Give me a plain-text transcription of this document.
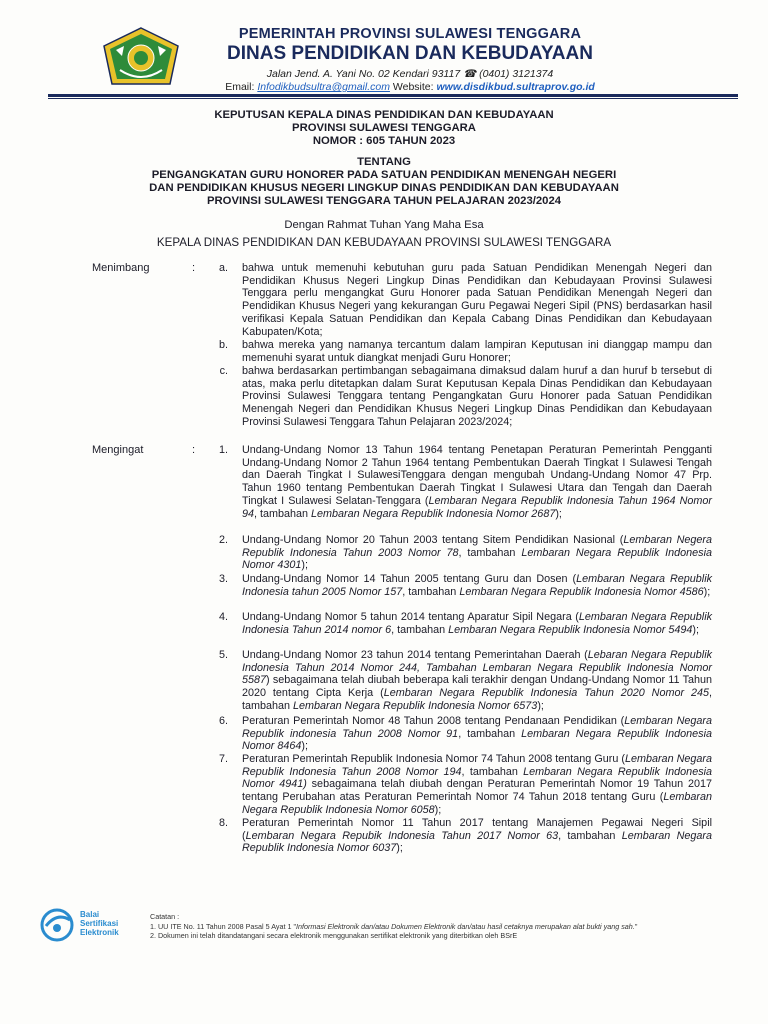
PEMERINTAH PROVINSI SULAWESI TENGGARA
DINAS PENDIDIKAN DAN KEBUDAYAAN
Jalan Jend. A. Yani No. 02 Kendari 93117 ☎ (0401) 3121374
Email: Infodikbudsultra@gmail.com Website: www.disdikbud.sultraprov.go.id
KEPUTUSAN KEPALA DINAS PENDIDIKAN DAN KEBUDAYAAN
PROVINSI SULAWESI TENGGARA
NOMOR : 605 TAHUN 2023
TENTANG
PENGANGKATAN GURU HONORER PADA SATUAN PENDIDIKAN MENENGAH NEGERI
DAN PENDIDIKAN KHUSUS NEGERI LINGKUP DINAS PENDIDIKAN DAN KEBUDAYAAN
PROVINSI SULAWESI TENGGARA TAHUN PELAJARAN 2023/2024
Dengan Rahmat Tuhan Yang Maha Esa
KEPALA DINAS PENDIDIKAN DAN KEBUDAYAAN PROVINSI SULAWESI TENGGARA
Menimbang	:	a.	bahwa untuk memenuhi kebutuhan guru pada Satuan Pendidikan Menengah Negeri dan Pendidikan Khusus Negeri Lingkup Dinas Pendidikan dan Kebudayaan Provinsi Sulawesi Tenggara perlu mengangkat Guru Honorer pada Satuan Pendidikan Menengah Negeri dan Pendidikan Khusus Negeri yang kekurangan Guru Pegawai Negeri Sipil (PNS) berdasarkan hasil verifikasi Kepala Satuan Pendidikan dan Kepala Cabang Dinas Pendidikan dan Kebudayaan Kabupaten/Kota;
b.	bahwa mereka yang namanya tercantum dalam lampiran Keputusan ini dianggap mampu dan memenuhi syarat untuk diangkat menjadi Guru Honorer;
c.	bahwa berdasarkan pertimbangan sebagaimana dimaksud dalam huruf a dan huruf b tersebut di atas, maka perlu ditetapkan dalam Surat Keputusan Kepala Dinas Pendidikan dan Kebudayaan Provinsi Sulawesi Tenggara tentang Pengangkatan Guru Honorer pada Satuan Pendidikan Menengah Negeri dan Pendidikan Khusus Negeri Lingkup Dinas Pendidikan dan Kebudayaan Provinsi Sulawesi Tenggara Tahun Pelajaran 2023/2024;
Mengingat	:	1.	Undang-Undang Nomor 13 Tahun 1964 tentang Penetapan Peraturan Pemerintah Pengganti Undang-Undang Nomor 2 Tahun 1964 tentang Pembentukan Daerah Tingkat I Sulawesi Tengah dan Daerah Tingkat I SulawesiTenggara dengan mengubah Undang-Undang Nomor 47 Prp. Tahun 1960 tentang Pembentukan Daerah Tingkat I Sulawesi Utara dan Tengah dan Daerah Tingkat I Sulawesi Selatan-Tenggara (Lembaran Negara Republik Indonesia Tahun 1964 Nomor 94, tambahan Lembaran Negara Republik Indonesia Nomor 2687);
2.	Undang-Undang Nomor 20 Tahun 2003 tentang Sitem Pendidikan Nasional (Lembaran Negera Republik Indonesia Tahun 2003 Nomor 78, tambahan Lembaran Negara Republik Indonesia Nomor 4301);
3.	Undang-Undang Nomor 14 Tahun 2005 tentang Guru dan Dosen (Lembaran Negara Republik Indonesia tahun 2005 Nomor 157, tambahan Lembaran Negara Republik Indonesia Nomor 4586);
4.	Undang-Undang Nomor 5 tahun 2014 tentang Aparatur Sipil Negara (Lembaran Negara Republik Indonesia Tahun 2014 nomor 6, tambahan Lembaran Negara Republik Indonesia Nomor 5494);
5.	Undang-Undang Nomor 23 tahun 2014 tentang Pemerintahan Daerah (Lebaran Negara Republik Indonesia Tahun 2014 Nomor 244, Tambahan Lembaran Negara Republik Indonesia Nomor 5587) sebagaimana telah diubah beberapa kali terakhir dengan Undang-Undang Nomor 11 Tahun 2020 tentang Cipta Kerja (Lembaran Negara Republik Indonesia Tahun 2020 Nomor 245, tambahan Lembaran Negara Republik Indonesia Nomor 6573);
6.	Peraturan Pemerintah Nomor 48 Tahun 2008 tentang Pendanaan Pendidikan (Lembaran Negara Republik indonesia Tahun 2008 Nomor 91, tambahan Lembaran Negara Republik Indonesia Nomor 8464);
7.	Peraturan Pemerintah Republik Indonesia Nomor 74 Tahun 2008 tentang Guru (Lembaran Negara Republik Indonesia Tahun 2008 Nomor 194, tambahan Lembaran Negara Republik Indonesia Nomor 4941) sebagaimana telah diubah dengan Peraturan Pemerintah Nomor 19 Tahun 2017 tentang Perubahan atas Peraturan Pemerintah Nomor 74 Tahun 2018 tentang Guru (Lembaran Negara Republik Indonesia Nomor 6058);
8.	Peraturan Pemerintah Nomor 11 Tahun 2017 tentang Manajemen Pegawai Negeri Sipil (Lembaran Negara Repubik Indonesia Tahun 2017 Nomor 63, tambahan Lembaran Negara Republik Indonesia Nomor 6037);
Balai
Sertifikasi
Elektronik
Catatan :
1. UU ITE No. 11 Tahun 2008 Pasal 5 Ayat 1 "Informasi Elektronik dan/atau Dokumen Elektronik dan/atau hasil cetaknya merupakan alat bukti yang sah."
2. Dokumen ini telah ditandatangani secara elektronik menggunakan sertifikat elektronik yang diterbitkan oleh BSrE
